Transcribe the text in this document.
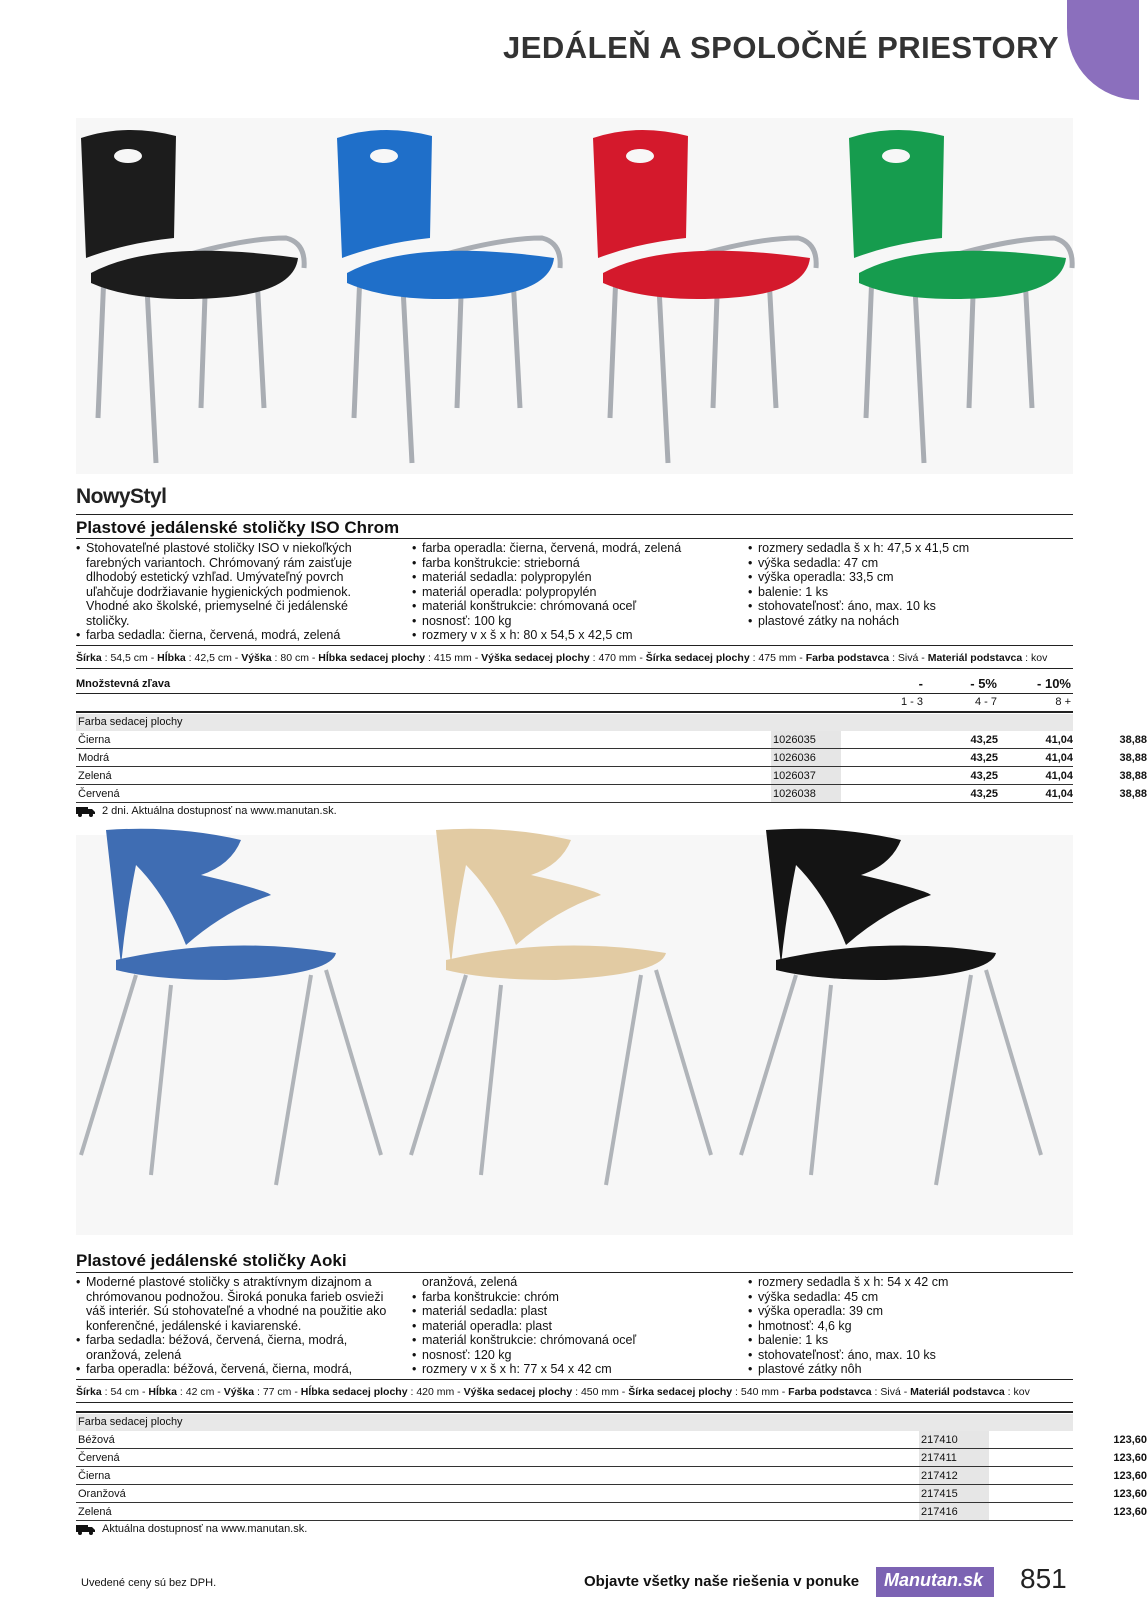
JEDÁLEŇ A SPOLOČNÉ PRIESTORY
NowyStyl
Plastové jedálenské stoličky ISO Chrom
• Stohovateľné plastové stoličky ISO v niekoľkých
farebných variantoch. Chrómovaný rám zaisťuje
dlhodobý estetický vzhľad. Umývateľný povrch
uľahčuje dodržiavanie hygienických podmienok.
Vhodné ako školské, priemyselné či jedálenské
stoličky.
• farba sedadla: čierna, červená, modrá, zelená
• farba operadla: čierna, červená, modrá, zelená
• farba konštrukcie: strieborná
• materiál sedadla: polypropylén
• materiál operadla: polypropylén
• materiál konštrukcie: chrómovaná oceľ
• nosnosť: 100 kg
• rozmery v x š x h: 80 x 54,5 x 42,5 cm
• rozmery sedadla š x h: 47,5 x 41,5 cm
• výška sedadla: 47 cm
• výška operadla: 33,5 cm
• balenie: 1 ks
• stohovateľnosť: áno, max. 10 ks
• plastové zátky na nohách
Šírka : 54,5 cm - Hĺbka : 42,5 cm - Výška : 80 cm - Hĺbka sedacej plochy : 415 mm - Výška sedacej plochy : 470 mm - Šírka sedacej plochy : 475 mm - Farba podstavca : Sivá - Materiál podstavca : kov
Množstevná zľava	-	- 5%	- 10%
1 - 3	4 - 7	8 +
Farba sedacej plochy
Čierna	1026035	43,25	41,04	38,88
Modrá	1026036	43,25	41,04	38,88
Zelená	1026037	43,25	41,04	38,88
Červená	1026038	43,25	41,04	38,88
2 dni. Aktuálna dostupnosť na www.manutan.sk.
Plastové jedálenské stoličky Aoki
• Moderné plastové stoličky s atraktívnym dizajnom a
chrómovanou podnožou. Široká ponuka farieb osvieži
váš interiér. Sú stohovateľné a vhodné na použitie ako
konferenčné, jedálenské i kaviarenské.
• farba sedadla: béžová, červená, čierna, modrá,
oranžová, zelená
• farba operadla: béžová, červená, čierna, modrá,
oranžová, zelená
• farba konštrukcie: chróm
• materiál sedadla: plast
• materiál operadla: plast
• materiál konštrukcie: chrómovaná oceľ
• nosnosť: 120 kg
• rozmery v x š x h: 77 x 54 x 42 cm
• rozmery sedadla š x h: 54 x 42 cm
• výška sedadla: 45 cm
• výška operadla: 39 cm
• hmotnosť: 4,6 kg
• balenie: 1 ks
• stohovateľnosť: áno, max. 10 ks
• plastové zátky nôh
Šírka : 54 cm - Hĺbka : 42 cm - Výška : 77 cm - Hĺbka sedacej plochy : 420 mm - Výška sedacej plochy : 450 mm - Šírka sedacej plochy : 540 mm - Farba podstavca : Sivá - Materiál podstavca : kov
Farba sedacej plochy
Béžová	217410	123,60
Červená	217411	123,60
Čierna	217412	123,60
Oranžová	217415	123,60
Zelená	217416	123,60
Aktuálna dostupnosť na www.manutan.sk.
Uvedené ceny sú bez DPH.	Objavte všetky naše riešenia v ponuke	Manutan.sk	851
